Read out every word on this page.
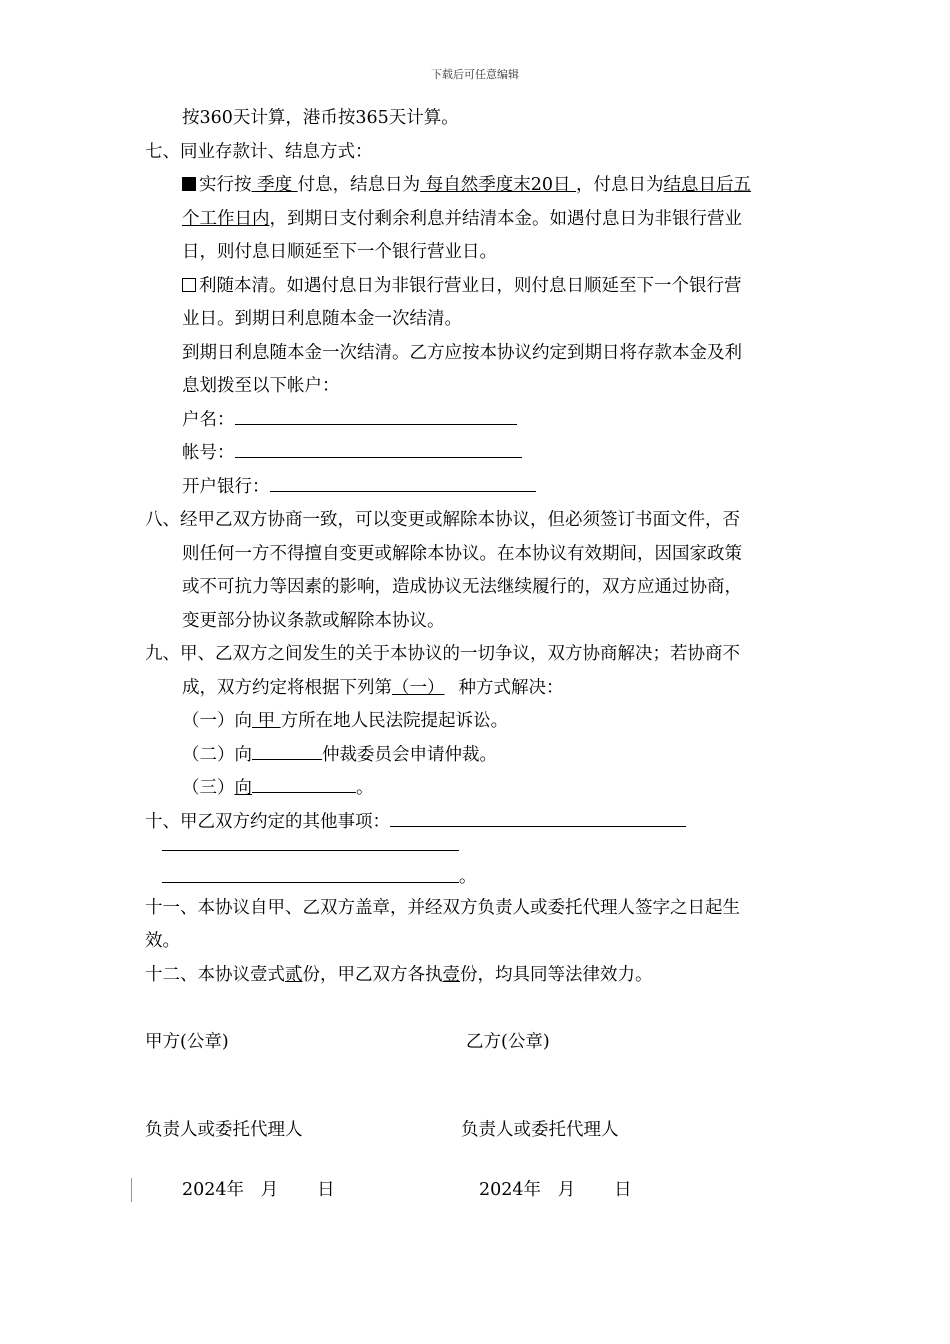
下载后可任意编辑
按360天计算，港币按365天计算。
七、同业存款计、结息方式：
实行按 季度 付息，结息日为 每自然季度末20日 ，付息日为结息日后五
个工作日内，到期日支付剩余利息并结清本金。如遇付息日为非银行营业
日，则付息日顺延至下一个银行营业日。
利随本清。如遇付息日为非银行营业日，则付息日顺延至下一个银行营
业日。到期日利息随本金一次结清。
到期日利息随本金一次结清。乙方应按本协议约定到期日将存款本金及利
息划拨至以下帐户：
户名：
帐号：
开户银行：
八、经甲乙双方协商一致，可以变更或解除本协议，但必须签订书面文件，否
则任何一方不得擅自变更或解除本协议。在本协议有效期间，因国家政策
或不可抗力等因素的影响，造成协议无法继续履行的，双方应通过协商，
变更部分协议条款或解除本协议。
九、甲、乙双方之间发生的关于本协议的一切争议，双方协商解决；若协商不
成，双方约定将根据下列第（一） 种方式解决：
（一）向 甲 方所在地人民法院提起诉讼。
（二）向	仲裁委员会申请仲裁。
（三）向	。
十、甲乙双方约定的其他事项：
。
十一、本协议自甲、乙双方盖章，并经双方负责人或委托代理人签字之日起生
效。
十二、本协议壹式贰份，甲乙双方各执壹份，均具同等法律效力。
甲方(公章)	乙方(公章)
负责人或委托代理人	负责人或委托代理人
2024年   月       日	2024年   月       日
